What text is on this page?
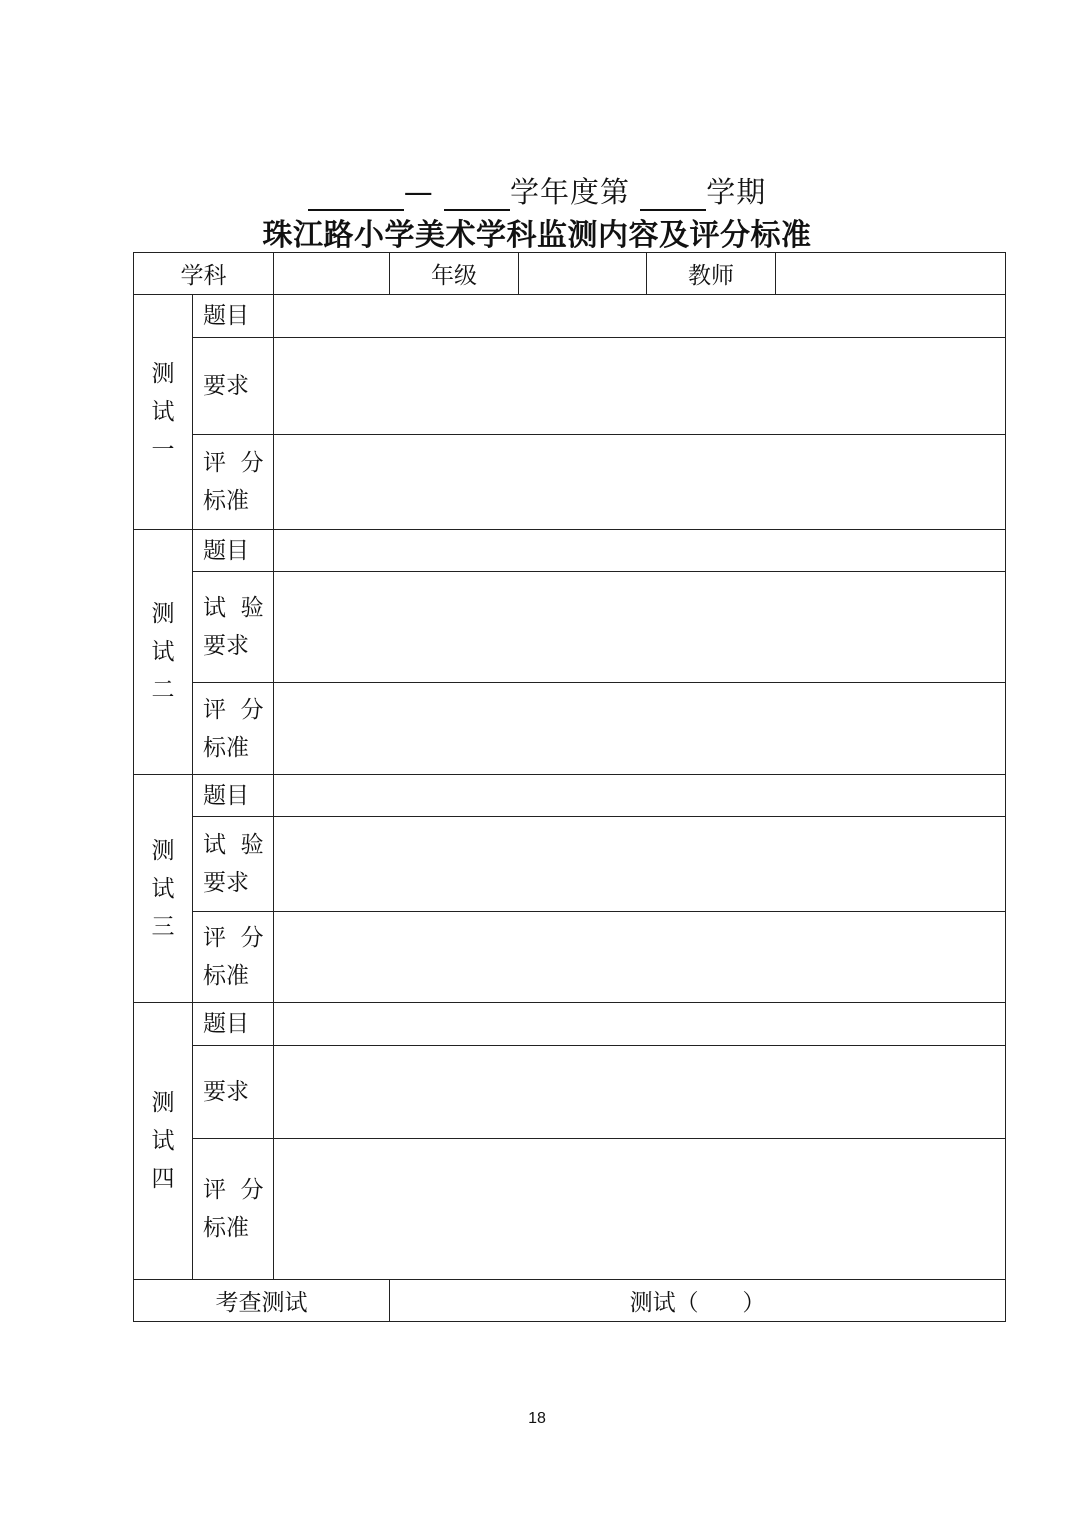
—	学年度第	学期
珠江路小学美术学科监测内容及评分标准
学科			年级		教师	

测
试
一	题目					

	要求					

	评  分
标准					

测
试
二	题目					

	试  验
要求					

	评  分
标准					

测
试
三	题目					

	试  验
要求					

	评  分
标准					

测
试
四	题目					

	要求					

	评  分
标准					

考查测试			测试（      ）			
18
